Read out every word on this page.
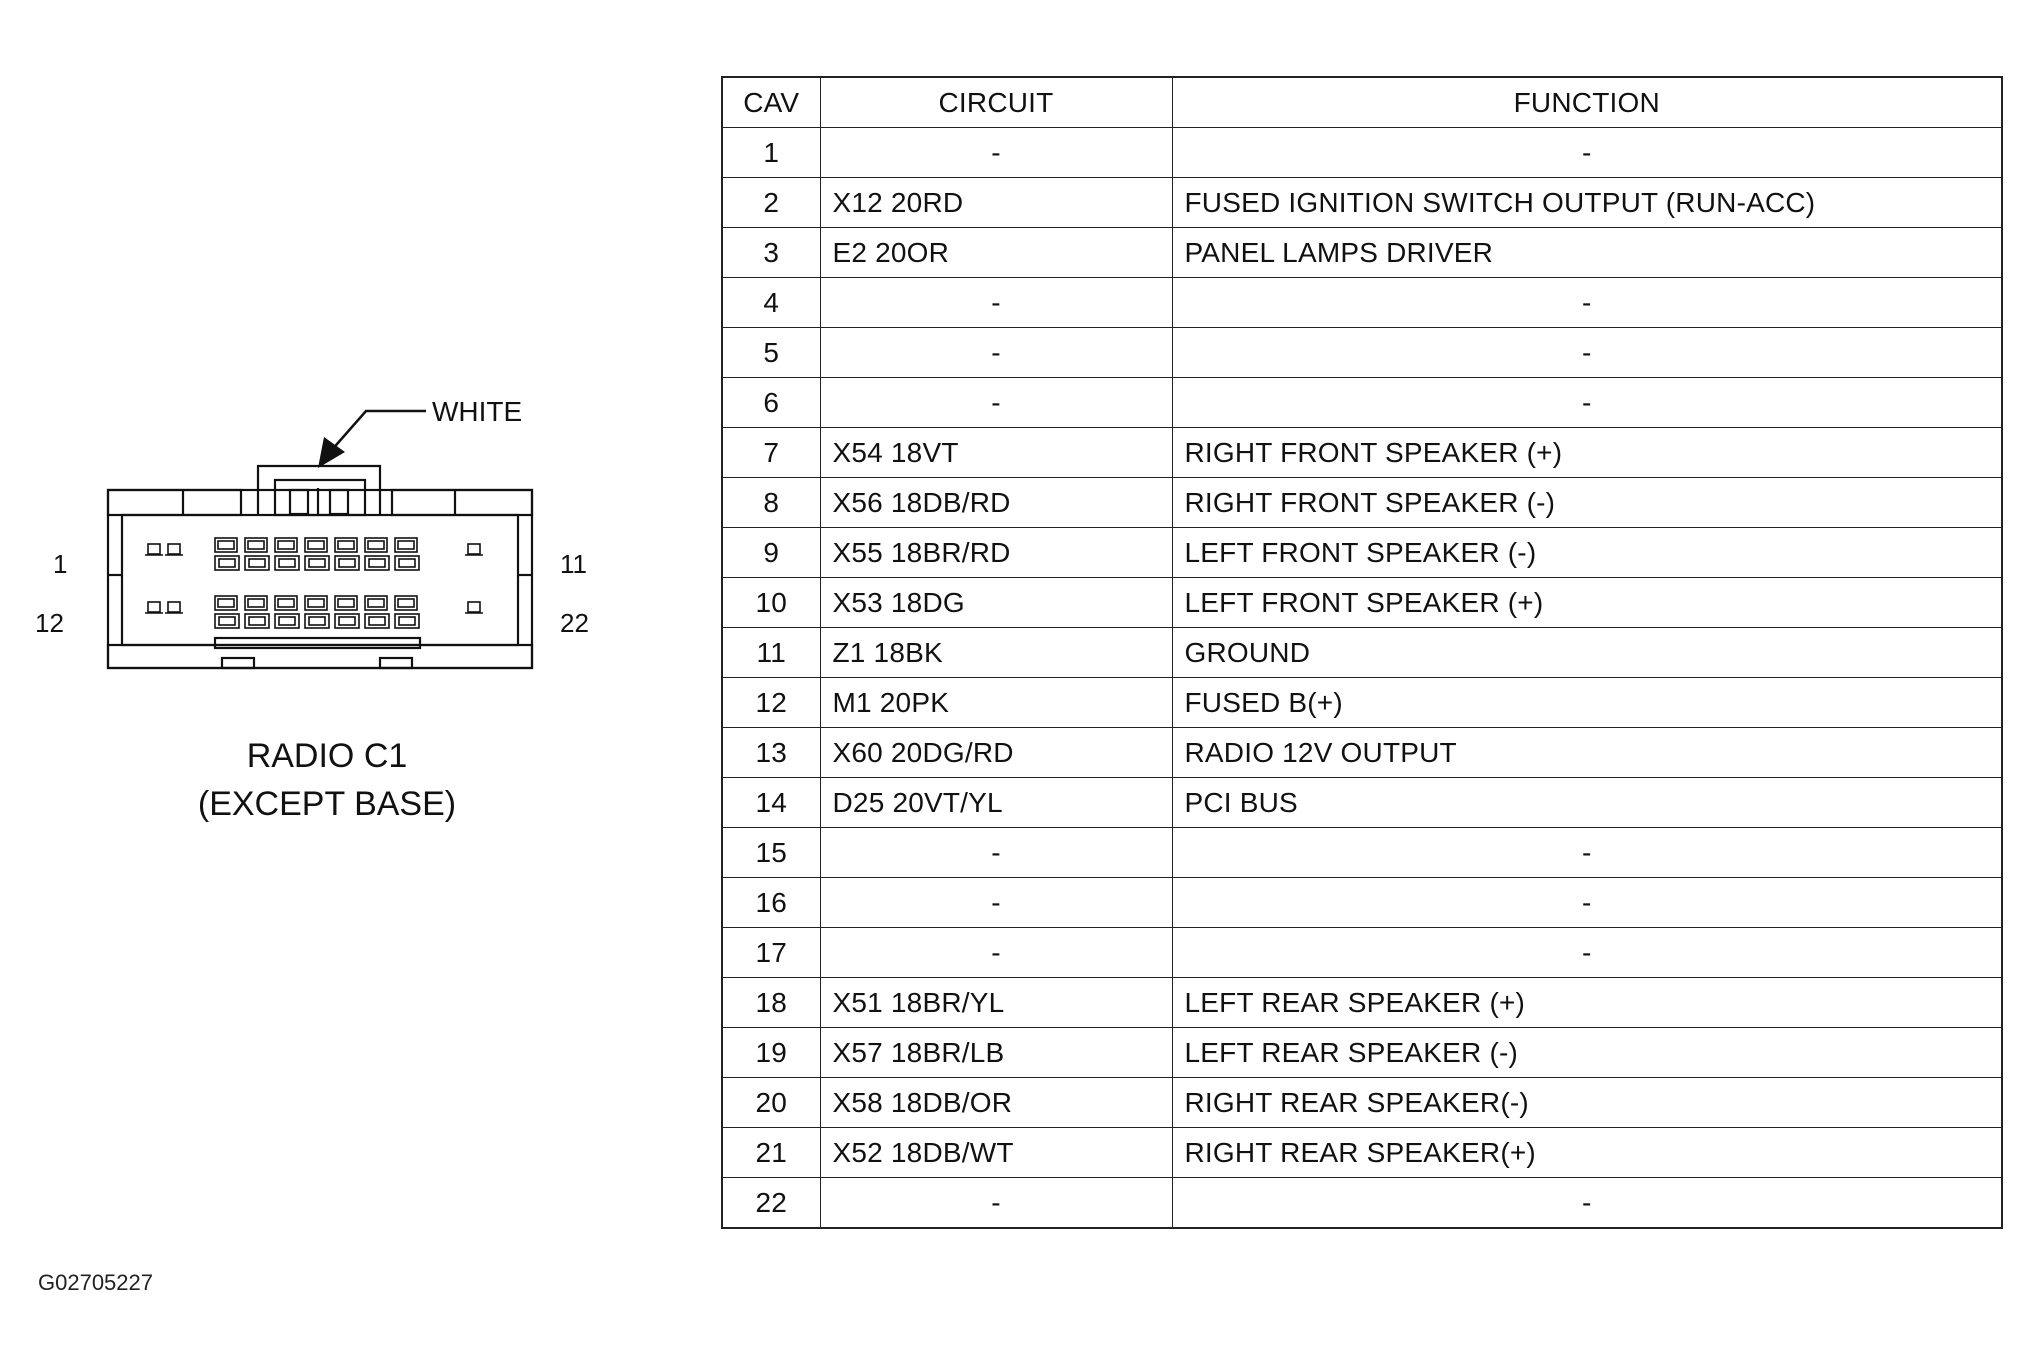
WHITE
1	11
12	22
RADIO C1
(EXCEPT BASE)
CAV	CIRCUIT	FUNCTION
1	-	-
2	X12 20RD	FUSED IGNITION SWITCH OUTPUT (RUN-ACC)
3	E2 20OR	PANEL LAMPS DRIVER
4	-	-
5	-	-
6	-	-
7	X54 18VT	RIGHT FRONT SPEAKER (+)
8	X56 18DB/RD	RIGHT FRONT SPEAKER (-)
9	X55 18BR/RD	LEFT FRONT SPEAKER (-)
10	X53 18DG	LEFT FRONT SPEAKER (+)
11	Z1 18BK	GROUND
12	M1 20PK	FUSED B(+)
13	X60 20DG/RD	RADIO 12V OUTPUT
14	D25 20VT/YL	PCI BUS
15	-	-
16	-	-
17	-	-
18	X51 18BR/YL	LEFT REAR SPEAKER (+)
19	X57 18BR/LB	LEFT REAR SPEAKER (-)
20	X58 18DB/OR	RIGHT REAR SPEAKER(-)
21	X52 18DB/WT	RIGHT REAR SPEAKER(+)
22	-	-
G02705227
